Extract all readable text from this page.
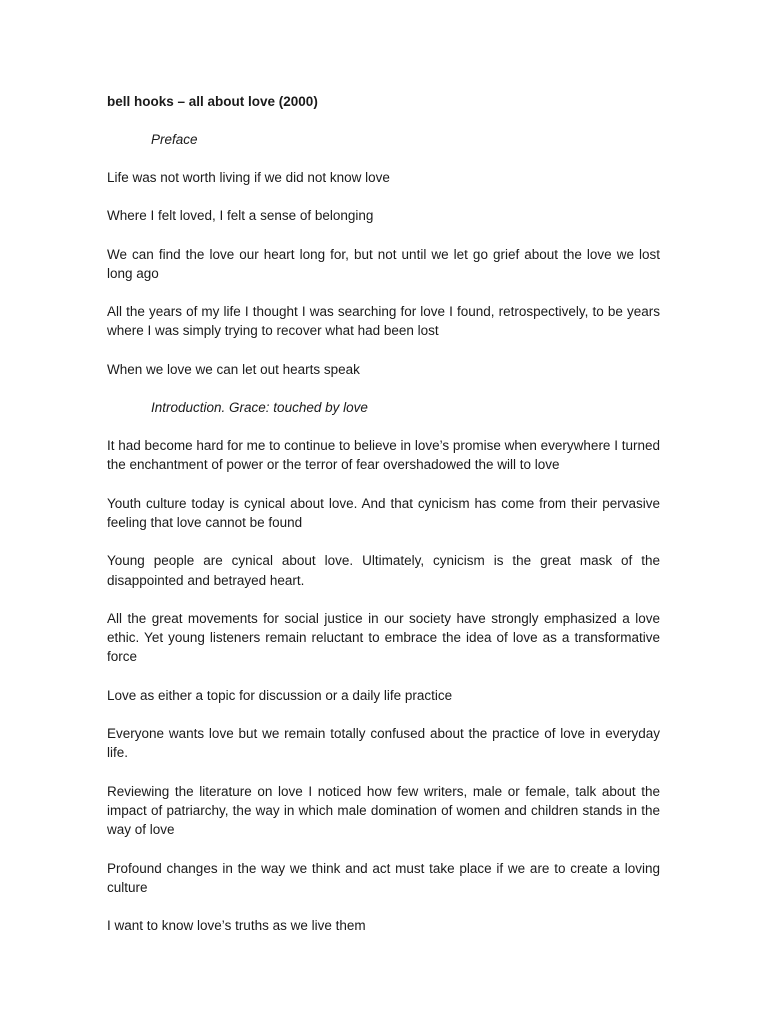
bell hooks – all about love (2000)

Preface

Life was not worth living if we did not know love

Where I felt loved, I felt a sense of belonging

We can find the love our heart long for, but not until we let go grief about the love we lost long ago

All the years of my life I thought I was searching for love I found, retrospectively, to be years where I was simply trying to recover what had been lost

When we love we can let out hearts speak

Introduction. Grace: touched by love

It had become hard for me to continue to believe in love’s promise when everywhere I turned the enchantment of power or the terror of fear overshadowed the will to love

Youth culture today is cynical about love. And that cynicism has come from their pervasive feeling that love cannot be found

Young people are cynical about love. Ultimately, cynicism is the great mask of the disappointed and betrayed heart.

All the great movements for social justice in our society have strongly emphasized a love ethic. Yet young listeners remain reluctant to embrace the idea of love as a transformative force

Love as either a topic for discussion or a daily life practice

Everyone wants love but we remain totally confused about the practice of love in everyday life.

Reviewing the literature on love I noticed how few writers, male or female, talk about the impact of patriarchy, the way in which male domination of women and children stands in the way of love

Profound changes in the way we think and act must take place if we are to create a loving culture

I want to know love’s truths as we live them
